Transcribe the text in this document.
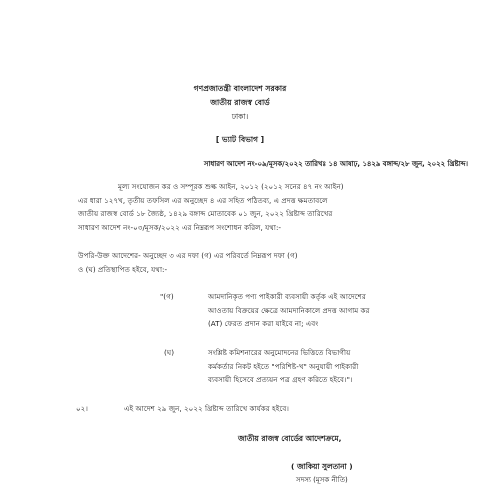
গণপ্রজাতন্ত্রী বাংলাদেশ সরকার
জাতীয় রাজস্ব বোর্ড
ঢাকা।
[ ভ্যাট বিভাগ ]
সাধারণ আদেশ নং-০৯/মূসক/২০২২ তারিখঃ ১৪ আষাঢ়, ১৪২৯ বঙ্গাব্দ/২৮ জুন, ২০২২ খ্রিষ্টাব্দ।
মূল্য সংযোজন কর ও সম্পূরক শুল্ক আইন, ২০১২ (২০১২ সনের ৪৭ নং আইন)
এর ধারা ১২৭খ, তৃতীয় তফসিল এর অনুচ্ছেদ ৪ এর সহিত পঠিতব্য, এ প্রদত্ত ক্ষমতাবলে
জাতীয় রাজস্ব বোর্ড ১৮ জ্যৈষ্ঠ, ১৪২৯ বঙ্গাব্দ মোতাবেক ০১ জুন, ২০২২ খ্রিষ্টাব্দ তারিখের
সাধারণ আদেশ নং-০৩/মূসক/২০২২ এর নিম্নরূপ সংশোধন করিল, যথা:-
উপরি-উক্ত আদেশের- অনুচ্ছেদ ৩ এর দফা (গ) এর পরিবর্তে নিম্নরূপ দফা (গ)
ও (ঘ) প্রতিস্থাপিত হইবে, যথা:-
"(গ)	আমদানিকৃত পণ্য পাইকারী ব্যবসায়ী কর্তৃক এই আদেশের
আওতায় বিক্রয়ের ক্ষেত্রে আমদানিকালে প্রদত্ত আগাম কর
(AT) ফেরত প্রদান করা যাইবে না; এবং
(ঘ)	সংশ্লিষ্ট কমিশনারের অনুমোদনের ভিত্তিতে বিভাগীয়
কর্মকর্তার নিকট হইতে "পরিশিষ্ট-খ" অনুযায়ী পাইকারী
ব্যবসায়ী হিসেবে প্রত্যয়ন পত্র গ্রহণ করিতে হইবে।"।
০২।	এই আদেশ ২৯ জুন, ২০২২ খ্রিষ্টাব্দ তারিখে কার্যকর হইবে।
জাতীয় রাজস্ব বোর্ডের আদেশক্রমে,
( জাকিয়া সুলতানা )
সদস্য (মূসক নীতি)
